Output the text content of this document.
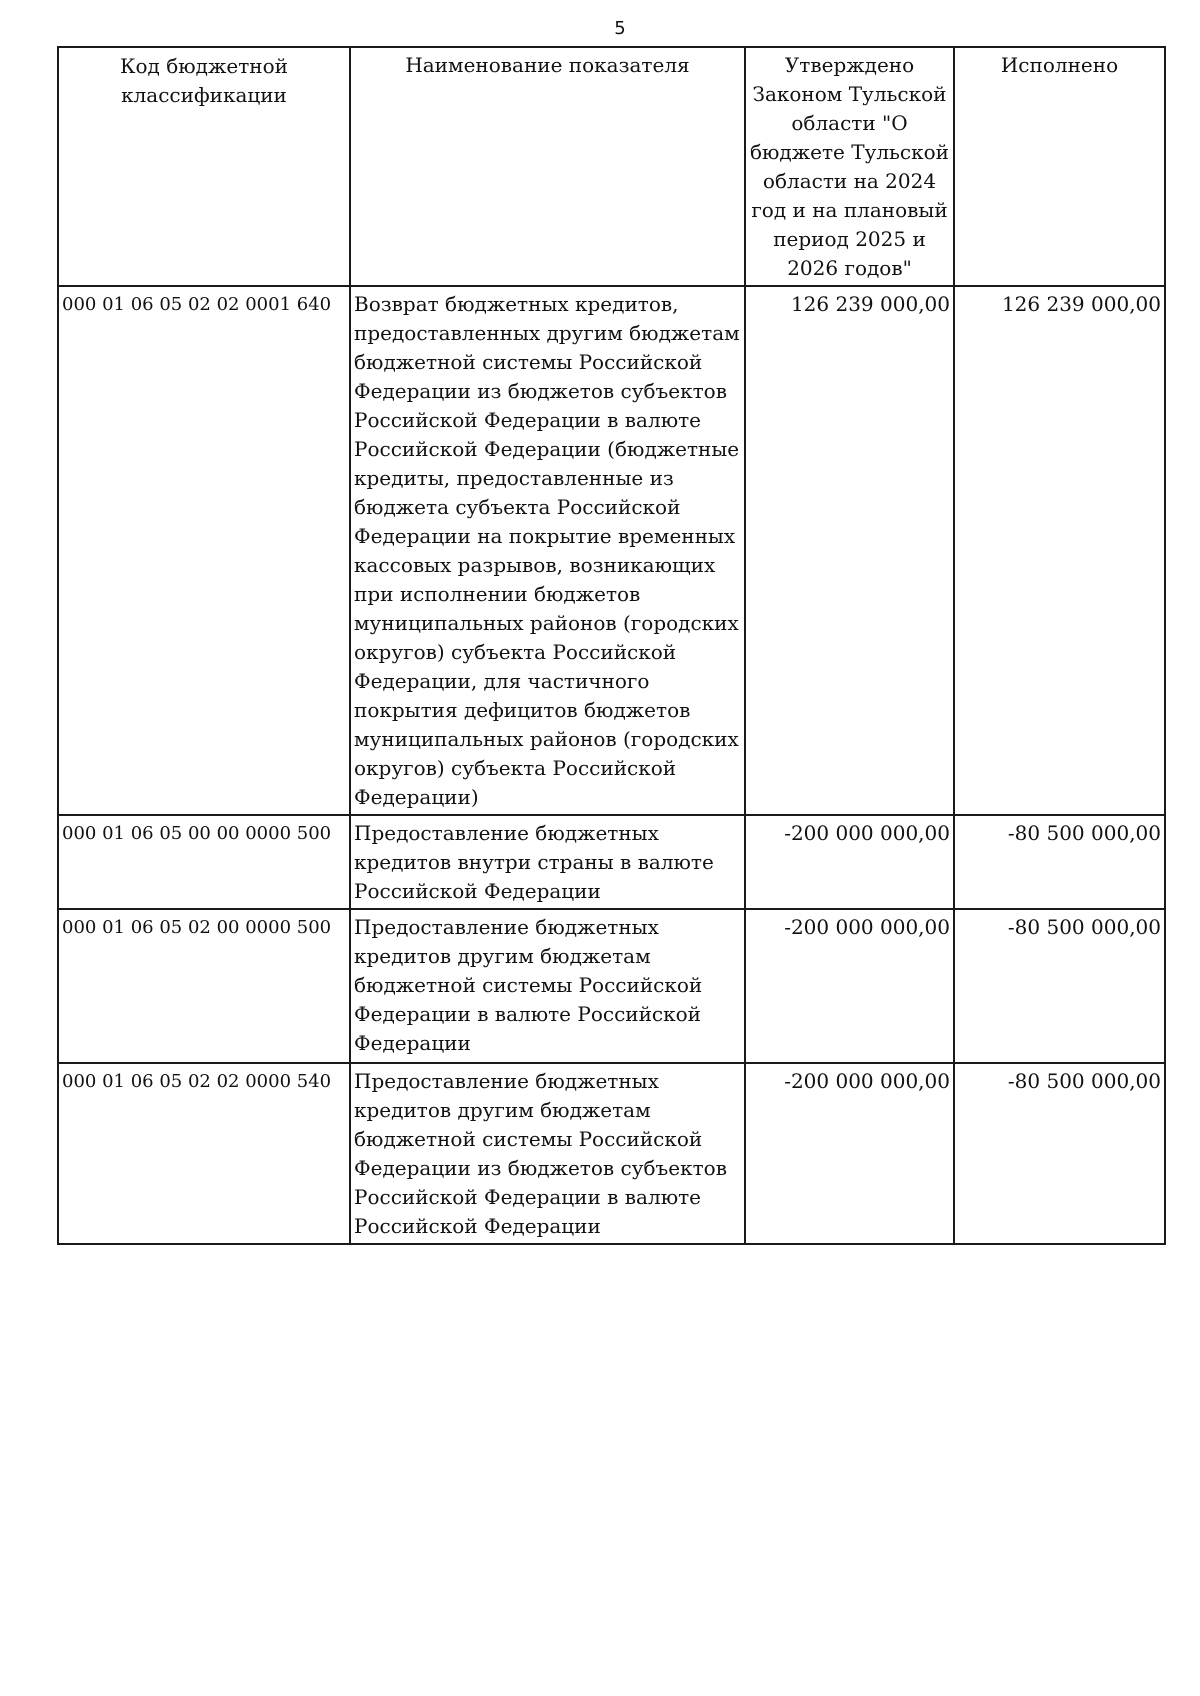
5
Код бюджетной классификации	Наименование показателя	Утверждено Законом Тульской области "О бюджете Тульской области на 2024 год и на плановый период 2025 и 2026 годов"	Исполнено
000 01 06 05 02 02 0001 640	Возврат бюджетных кредитов, предоставленных другим бюджетам бюджетной системы Российской Федерации из бюджетов субъектов Российской Федерации в валюте Российской Федерации (бюджетные кредиты, предоставленные из бюджета субъекта Российской Федерации на покрытие временных кассовых разрывов, возникающих при исполнении бюджетов муниципальных районов (городских округов) субъекта Российской Федерации, для частичного покрытия дефицитов бюджетов муниципальных районов (городских округов) субъекта Российской Федерации)	126 239 000,00	126 239 000,00
000 01 06 05 00 00 0000 500	Предоставление бюджетных кредитов внутри страны в валюте Российской Федерации	-200 000 000,00	-80 500 000,00
000 01 06 05 02 00 0000 500	Предоставление бюджетных кредитов другим бюджетам бюджетной системы Российской Федерации в валюте Российской Федерации	-200 000 000,00	-80 500 000,00
000 01 06 05 02 02 0000 540	Предоставление бюджетных кредитов другим бюджетам бюджетной системы Российской Федерации из бюджетов субъектов Российской Федерации в валюте Российской Федерации	-200 000 000,00	-80 500 000,00
